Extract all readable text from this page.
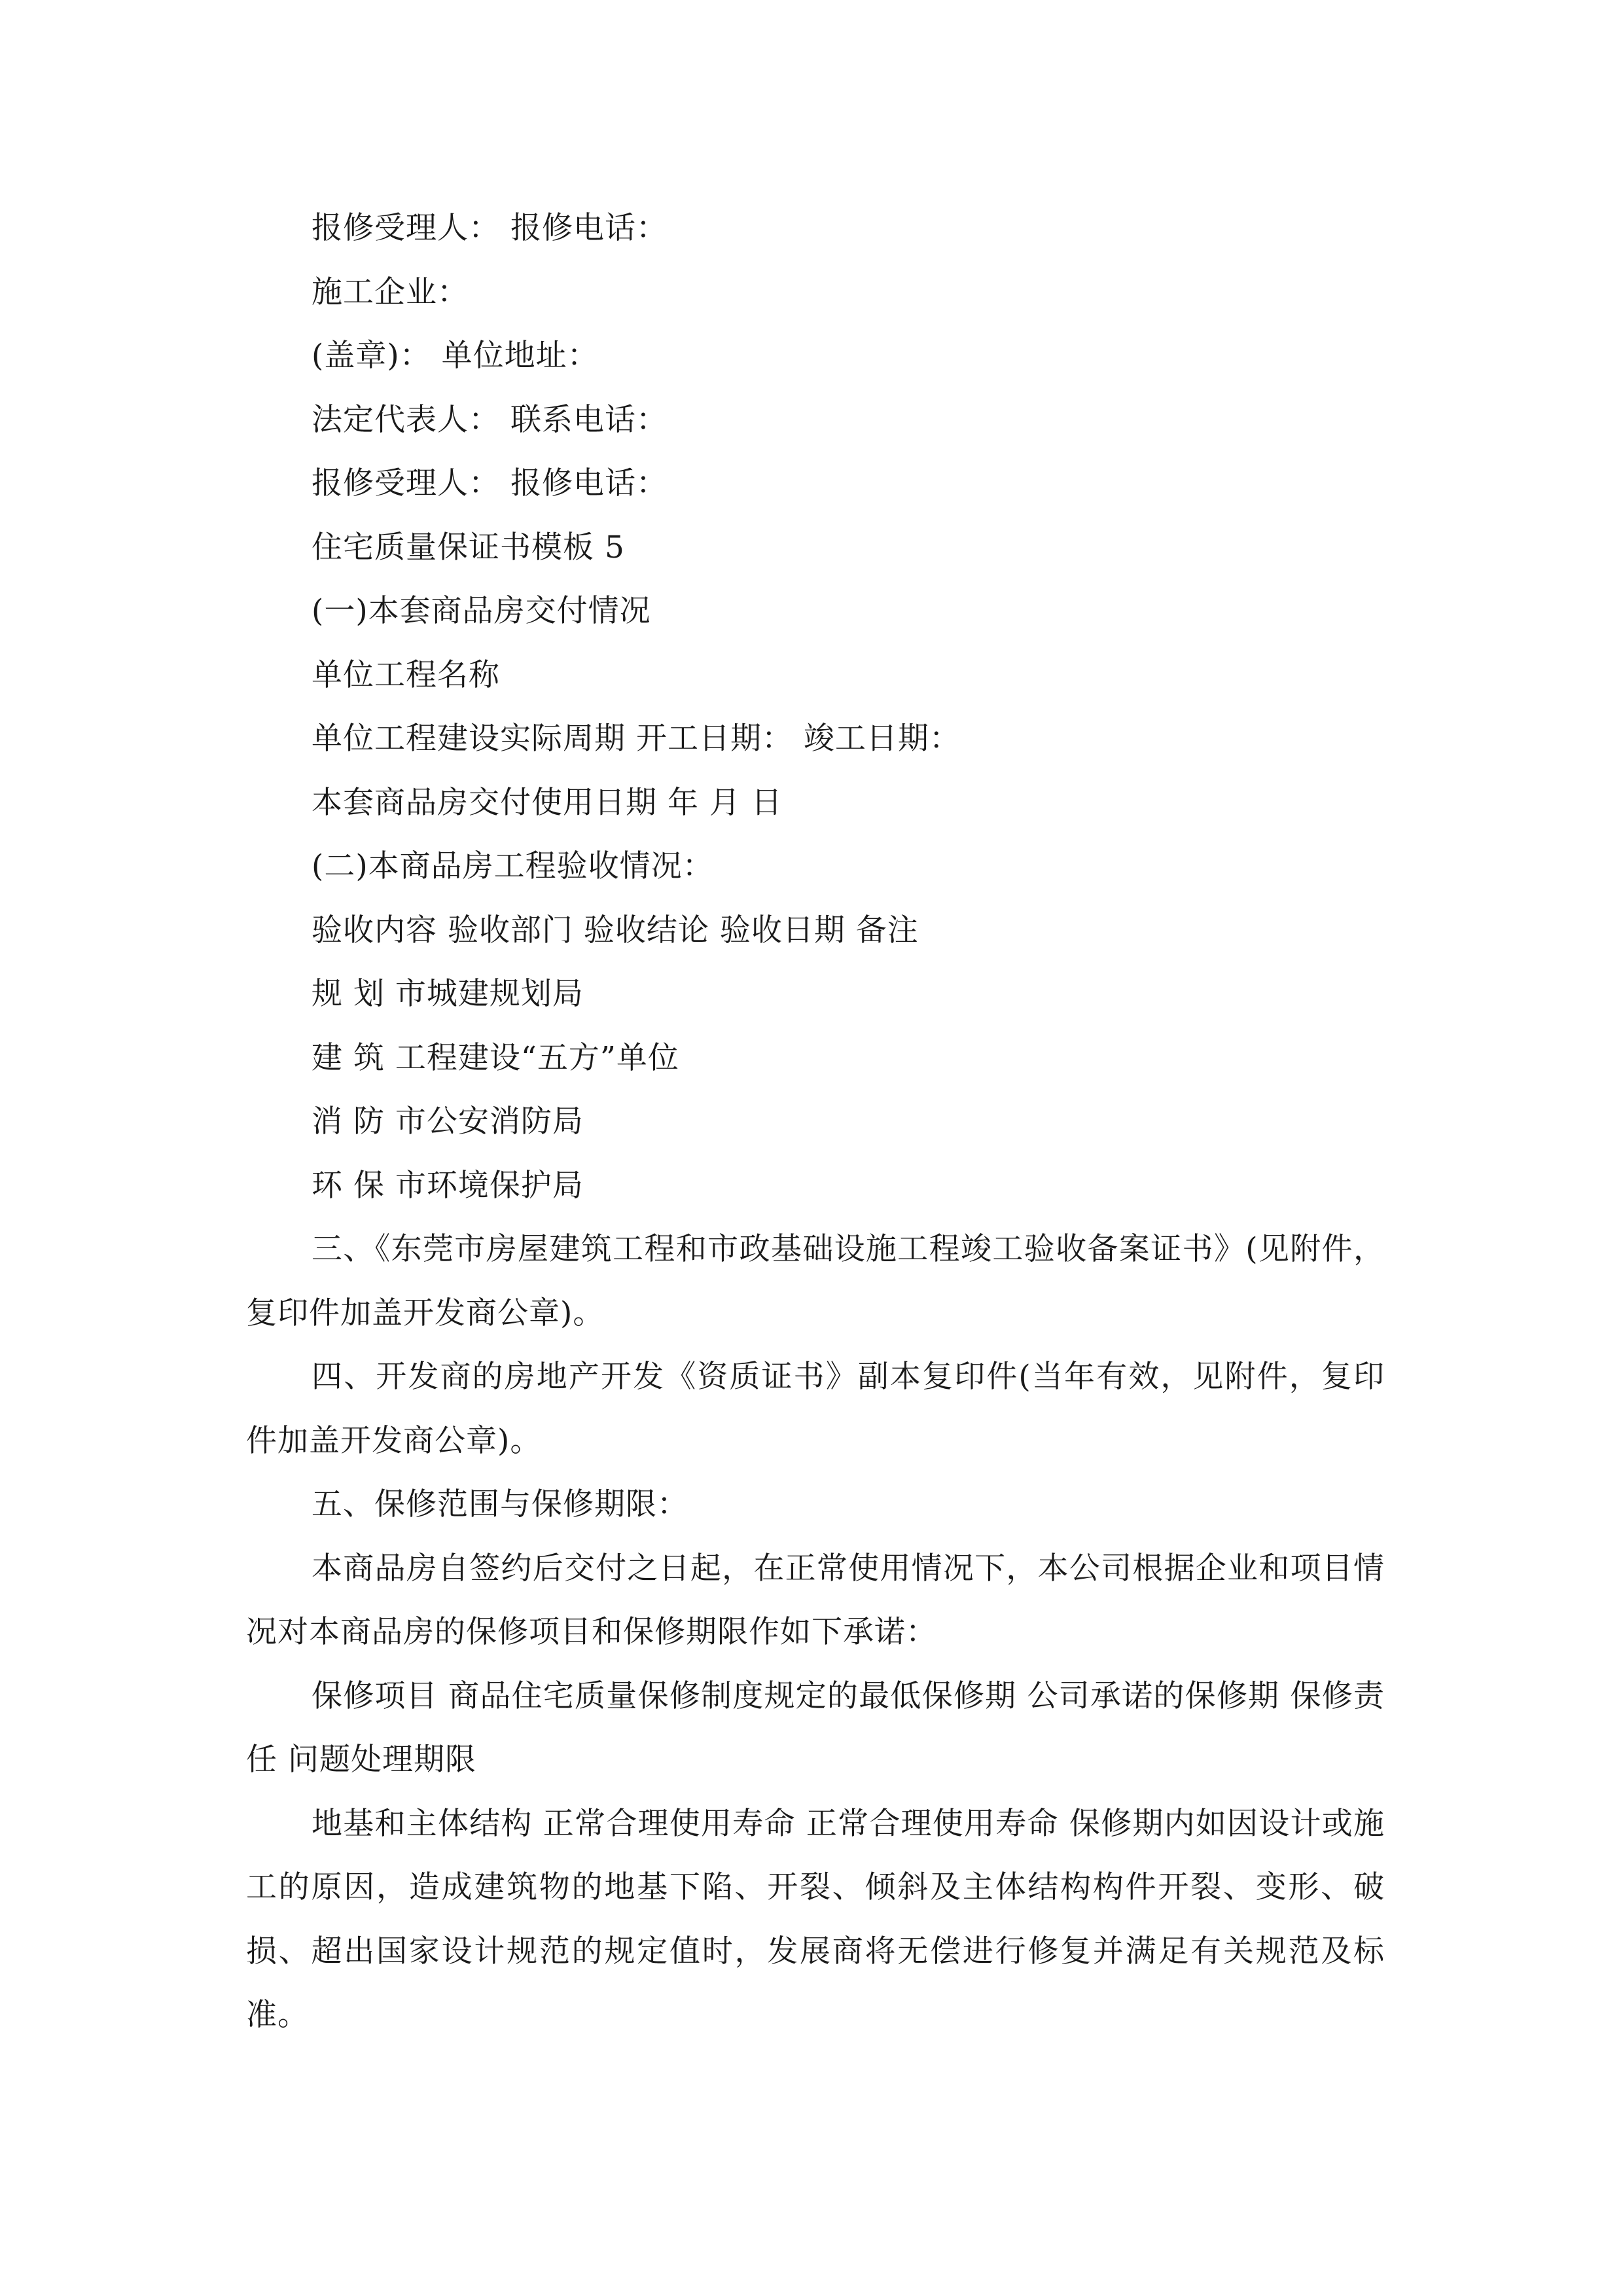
报修受理人： 报修电话：
施工企业：
(盖章)： 单位地址：
法定代表人： 联系电话：
报修受理人： 报修电话：
住宅质量保证书模板 5
(一)本套商品房交付情况
单位工程名称
单位工程建设实际周期 开工日期： 竣工日期：
本套商品房交付使用日期 年 月 日
(二)本商品房工程验收情况：
验收内容 验收部门 验收结论 验收日期 备注
规 划 市城建规划局
建 筑 工程建设“五方”单位
消 防 市公安消防局
环 保 市环境保护局

三、《东莞市房屋建筑工程和市政基础设施工程竣工验收备案证书》(见附件，复印件加盖开发商公章)。

四、开发商的房地产开发《资质证书》副本复印件(当年有效，见附件，复印件加盖开发商公章)。

五、保修范围与保修期限：

本商品房自签约后交付之日起，在正常使用情况下，本公司根据企业和项目情况对本商品房的保修项目和保修期限作如下承诺：

保修项目 商品住宅质量保修制度规定的最低保修期 公司承诺的保修期 保修责任 问题处理期限

地基和主体结构 正常合理使用寿命 正常合理使用寿命 保修期内如因设计或施工的原因，造成建筑物的地基下陷、开裂、倾斜及主体结构构件开裂、变形、破损、超出国家设计规范的规定值时，发展商将无偿进行修复并满足有关规范及标准。
